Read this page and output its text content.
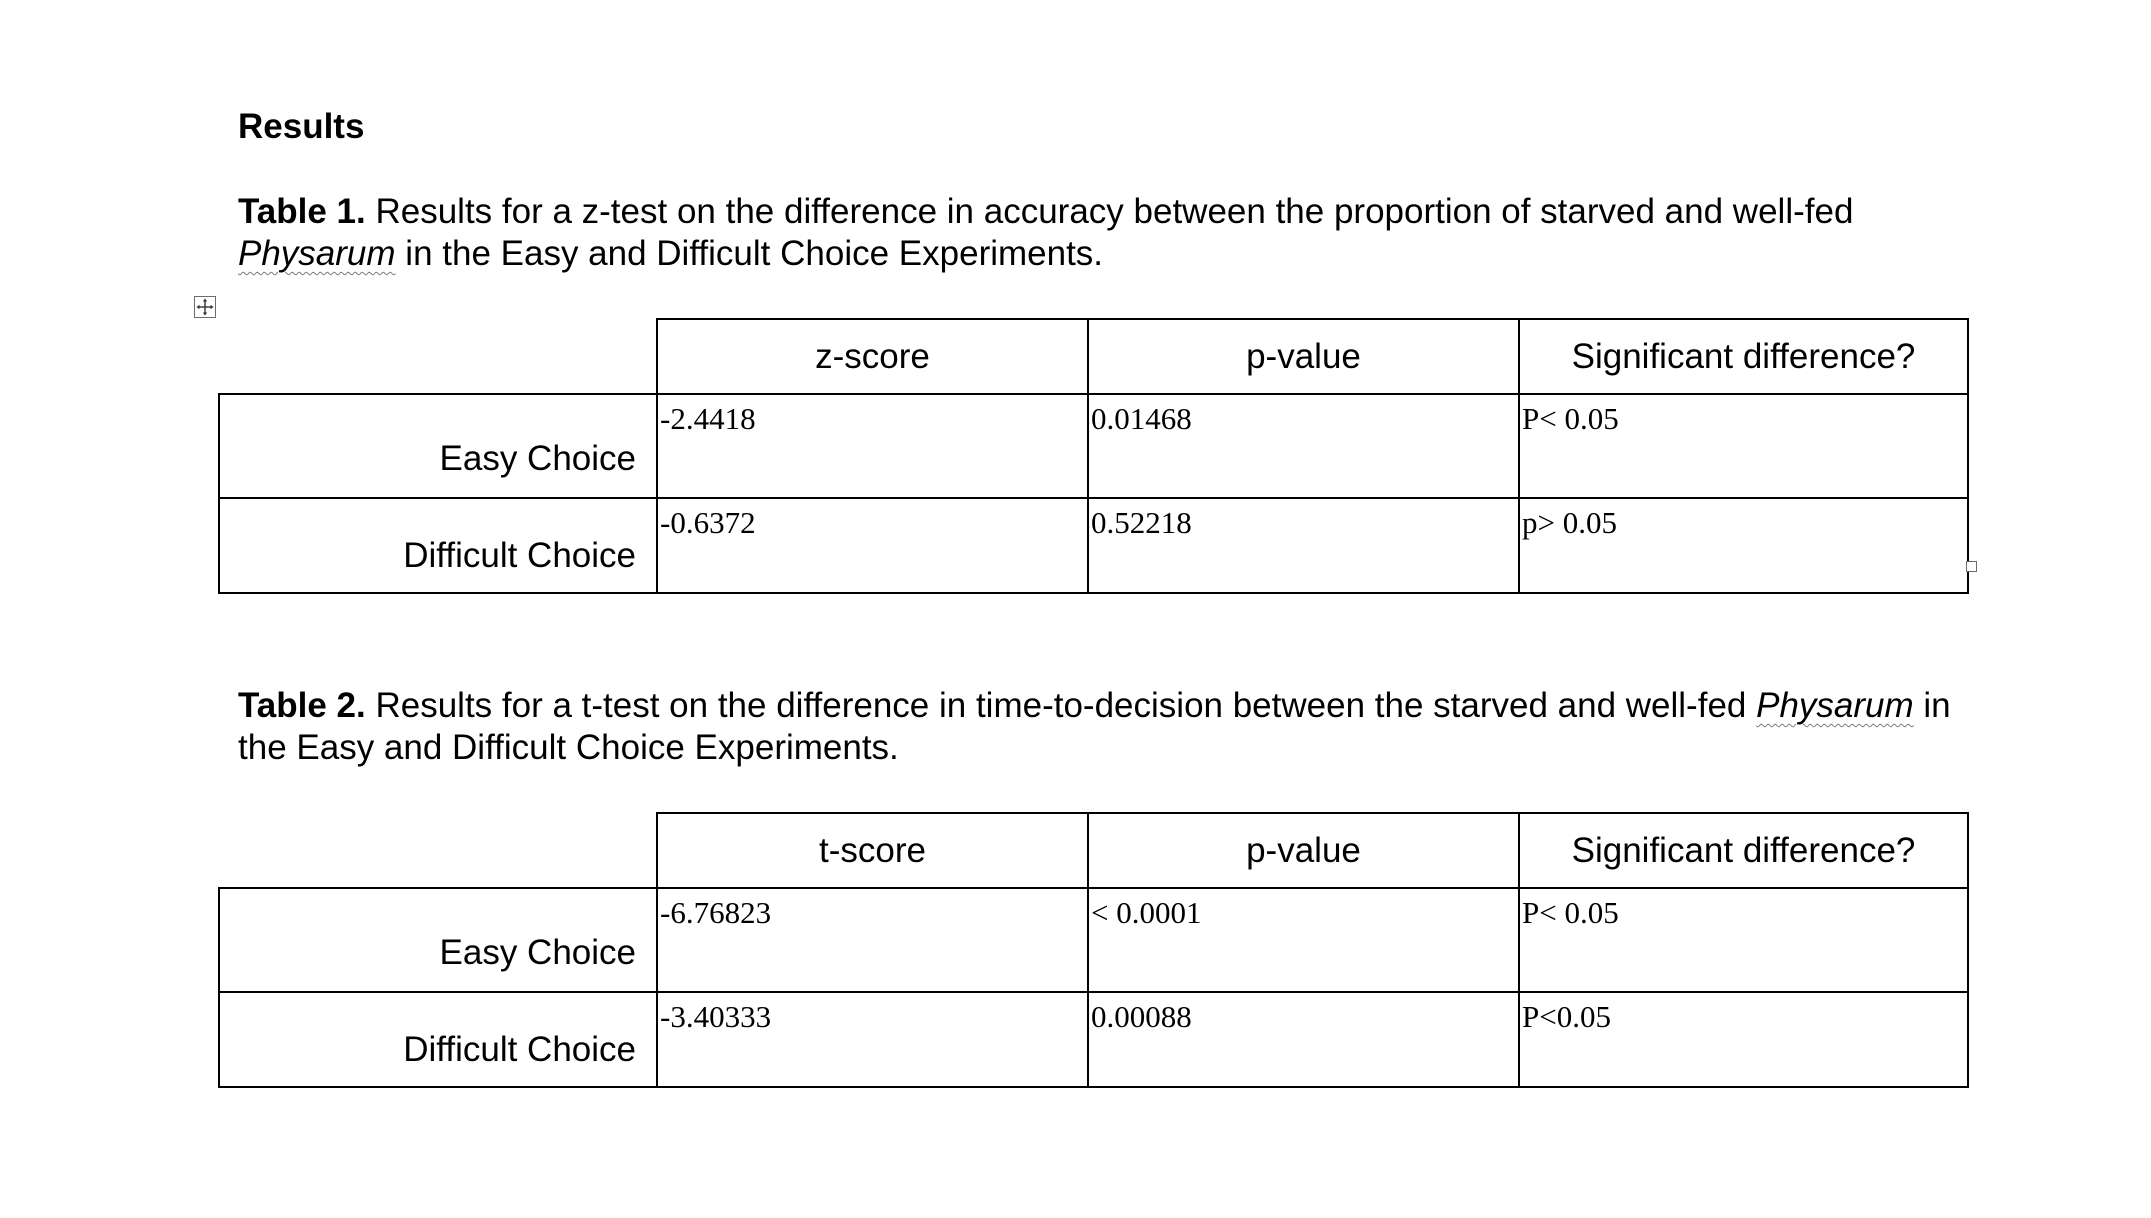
Results

Table 1. Results for a z-test on the difference in accuracy between the proportion of starved and well-fed Physarum in the Easy and Difficult Choice Experiments.

	z-score	p-value	Significant difference?
Easy Choice	-2.4418	0.01468	P< 0.05
Difficult Choice	-0.6372	0.52218	p> 0.05

Table 2. Results for a t-test on the difference in time-to-decision between the starved and well-fed Physarum in the Easy and Difficult Choice Experiments.

	t-score	p-value	Significant difference?
Easy Choice	-6.76823	< 0.0001	P< 0.05
Difficult Choice	-3.40333	0.00088	P<0.05
